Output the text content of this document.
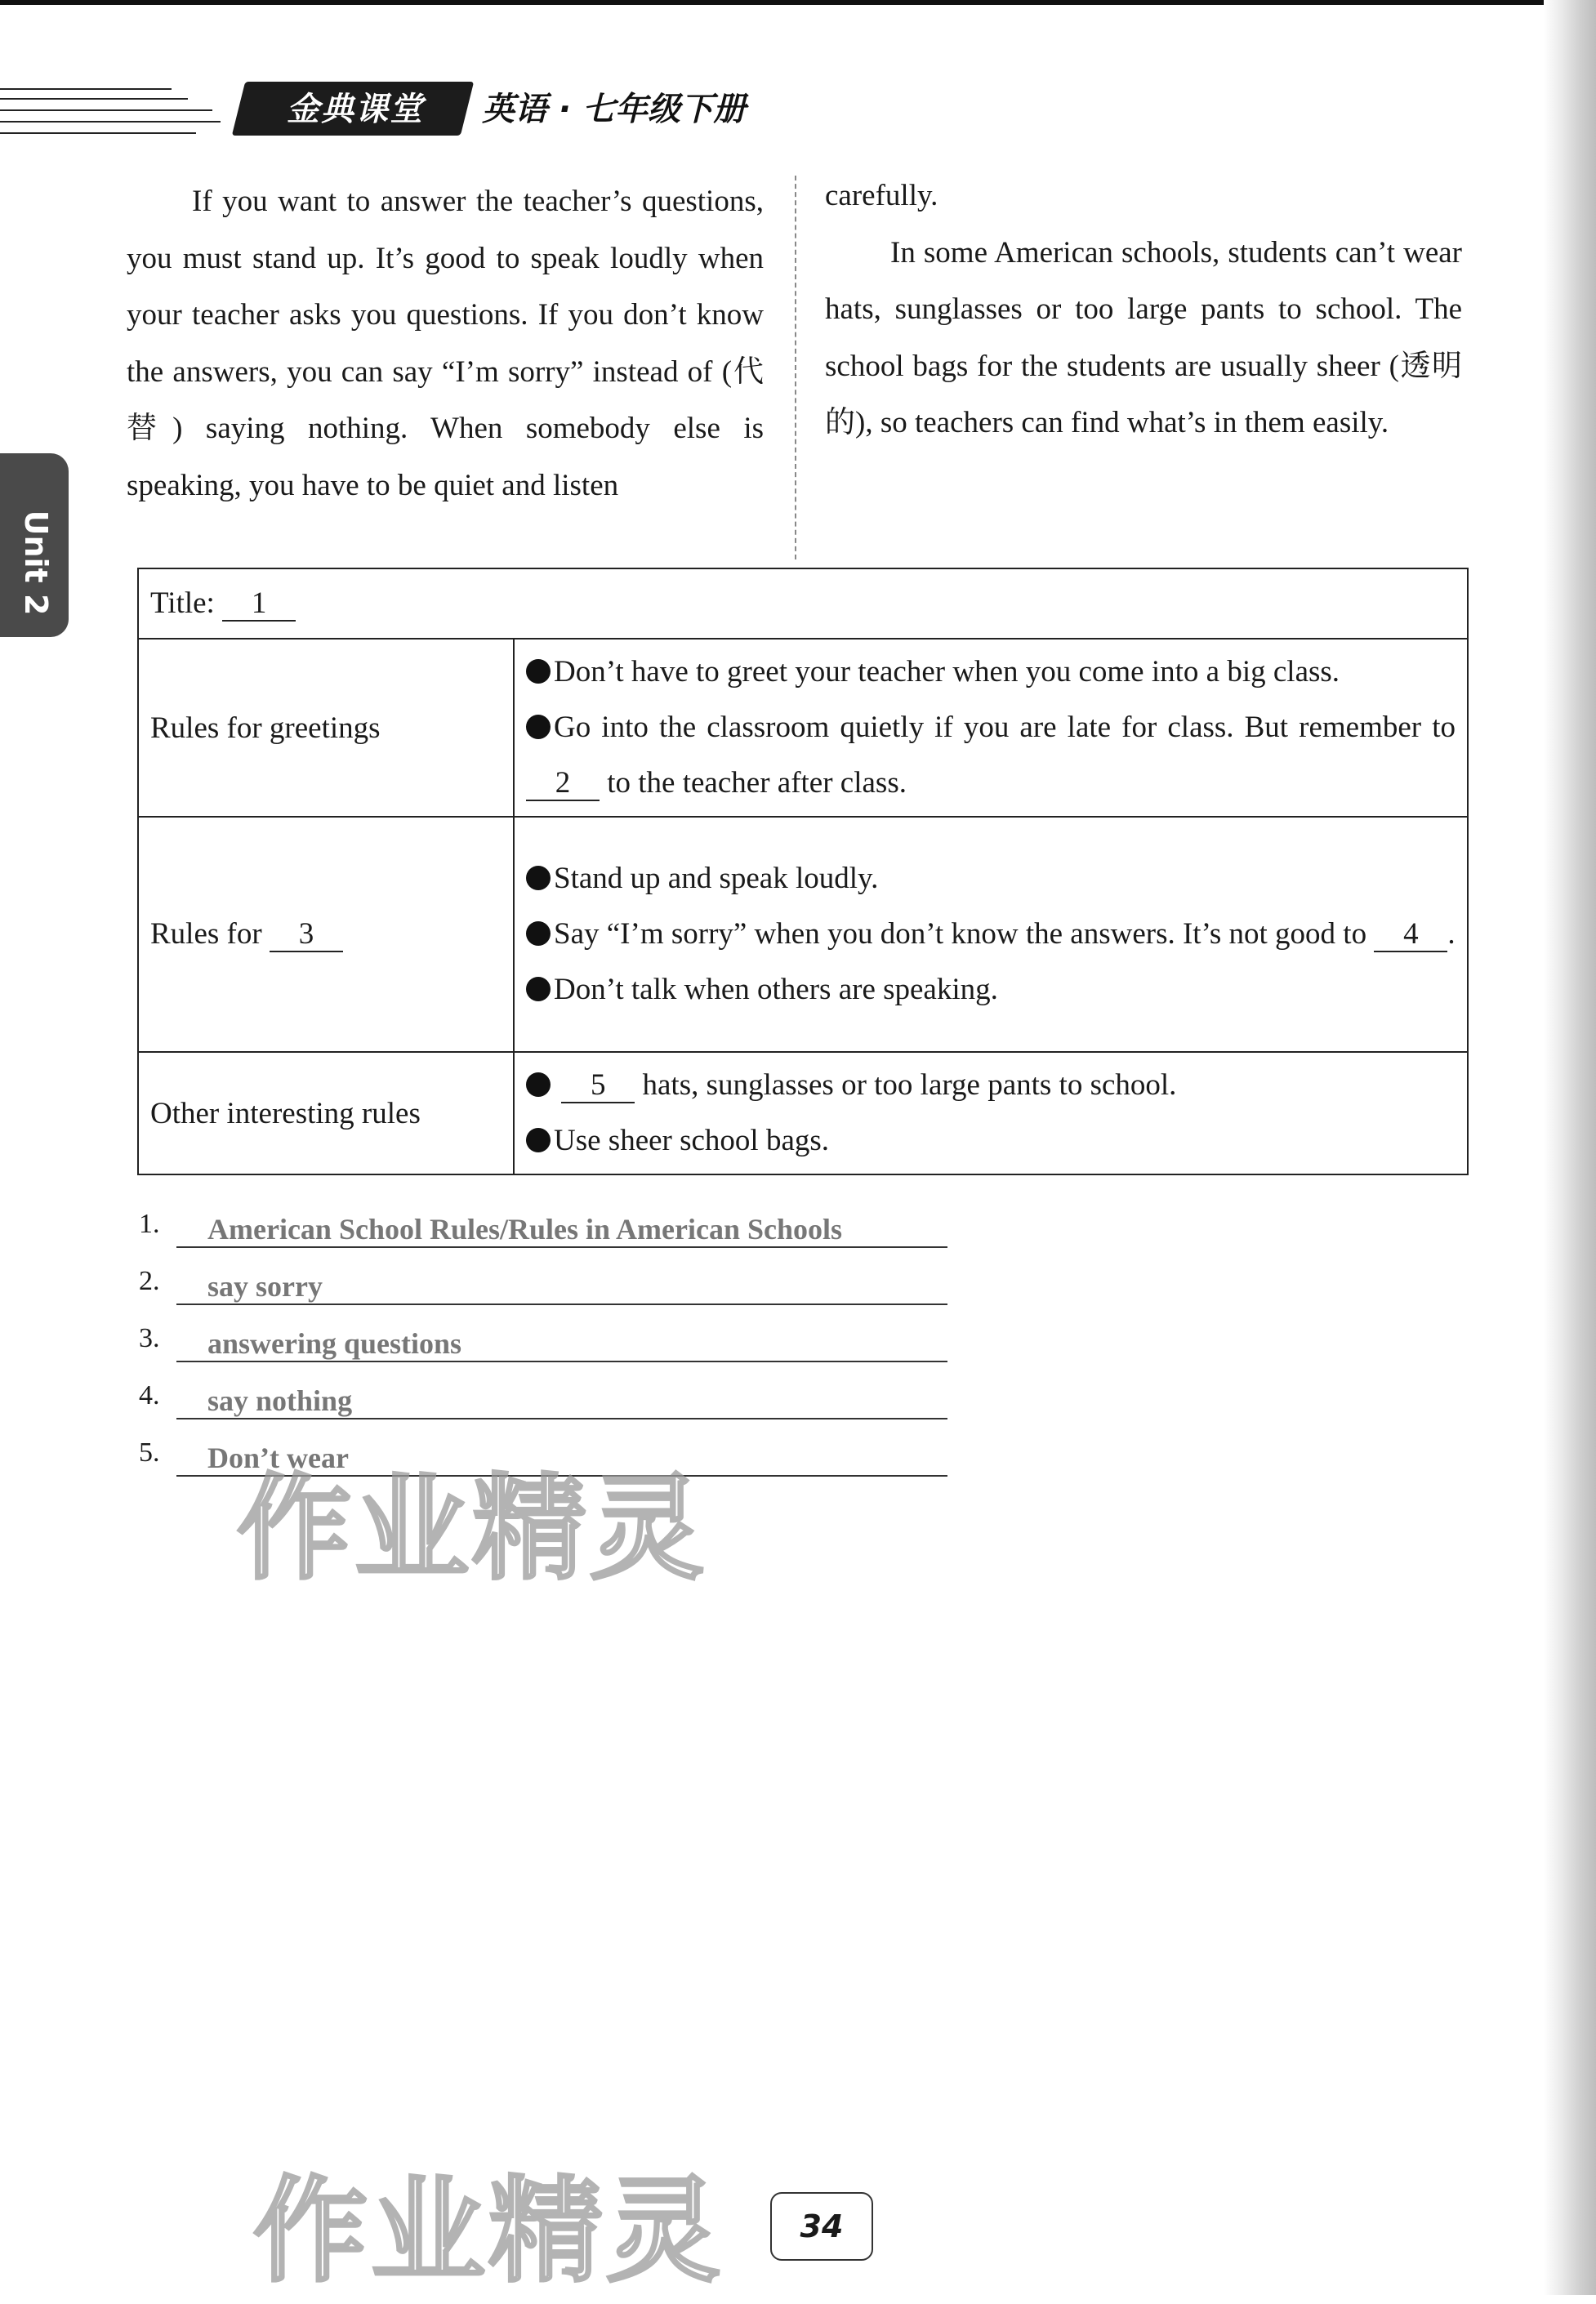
金典课堂	英语 · 七年级下册
Unit 2

If you want to answer the teacher’s questions, you must stand up. It’s good to speak loudly when your teacher asks you questions. If you don’t know the answers, you can say “I’m sorry” instead of (代替) saying nothing. When somebody else is speaking, you have to be quiet and listen

carefully.

In some American schools, students can’t wear hats, sunglasses or too large pants to school. The school bags for the students are usually sheer (透明的), so teachers can find what’s in them easily.

Title: 1	
Rules for greetings	Don’t have to greet your teacher when you come into a big class.
Go into the classroom quietly if you are late for class. But remember to 2 to the teacher after class.

Rules for 3	Stand up and speak loudly.
Say “I’m sorry” when you don’t know the answers. It’s not good to 4 .
Don’t talk when others are speaking.

Other interesting rules	5 hats, sunglasses or too large pants to school.
Use sheer school bags.
1. American School Rules/Rules in American Schools
2. say sorry
3. answering questions
4. say nothing
5. Don’t wear
作业精灵
作业精灵	34
